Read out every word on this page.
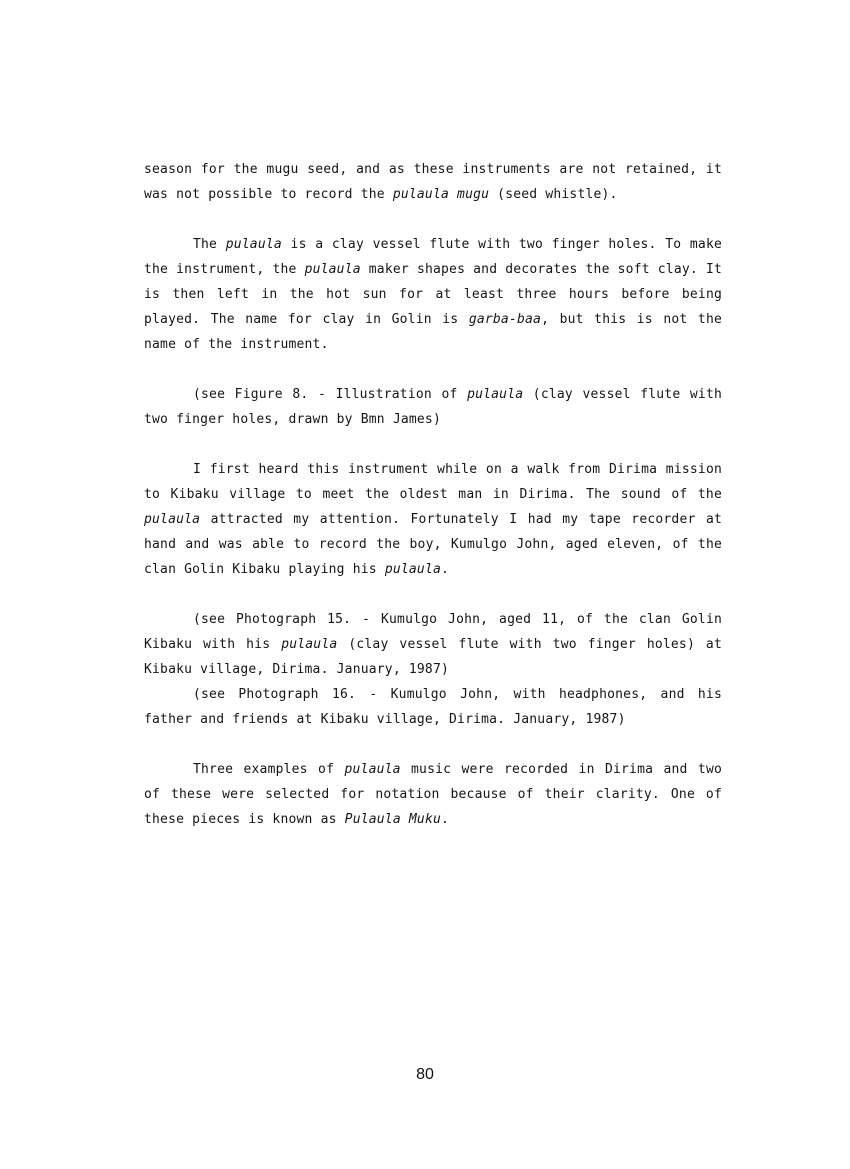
season for the mugu seed, and as these instruments are not retained, it was not possible to record the pulaula mugu (seed whistle).

The pulaula is a clay vessel flute with two finger holes. To make the instrument, the pulaula maker shapes and decorates the soft clay. It is then left in the hot sun for at least three hours before being played. The name for clay in Golin is garba-baa, but this is not the name of the instrument.

(see Figure 8. - Illustration of pulaula (clay vessel flute with two finger holes, drawn by Bmn James)

I first heard this instrument while on a walk from Dirima mission to Kibaku village to meet the oldest man in Dirima. The sound of the pulaula attracted my attention. Fortunately I had my tape recorder at hand and was able to record the boy, Kumulgo John, aged eleven, of the clan Golin Kibaku playing his pulaula.

(see Photograph 15. - Kumulgo John, aged 11, of the clan Golin Kibaku with his pulaula (clay vessel flute with two finger holes) at Kibaku village, Dirima. January, 1987)

(see Photograph 16. - Kumulgo John, with headphones, and his father and friends at Kibaku village, Dirima. January, 1987)

Three examples of pulaula music were recorded in Dirima and two of these were selected for notation because of their clarity. One of these pieces is known as Pulaula Muku.

80
